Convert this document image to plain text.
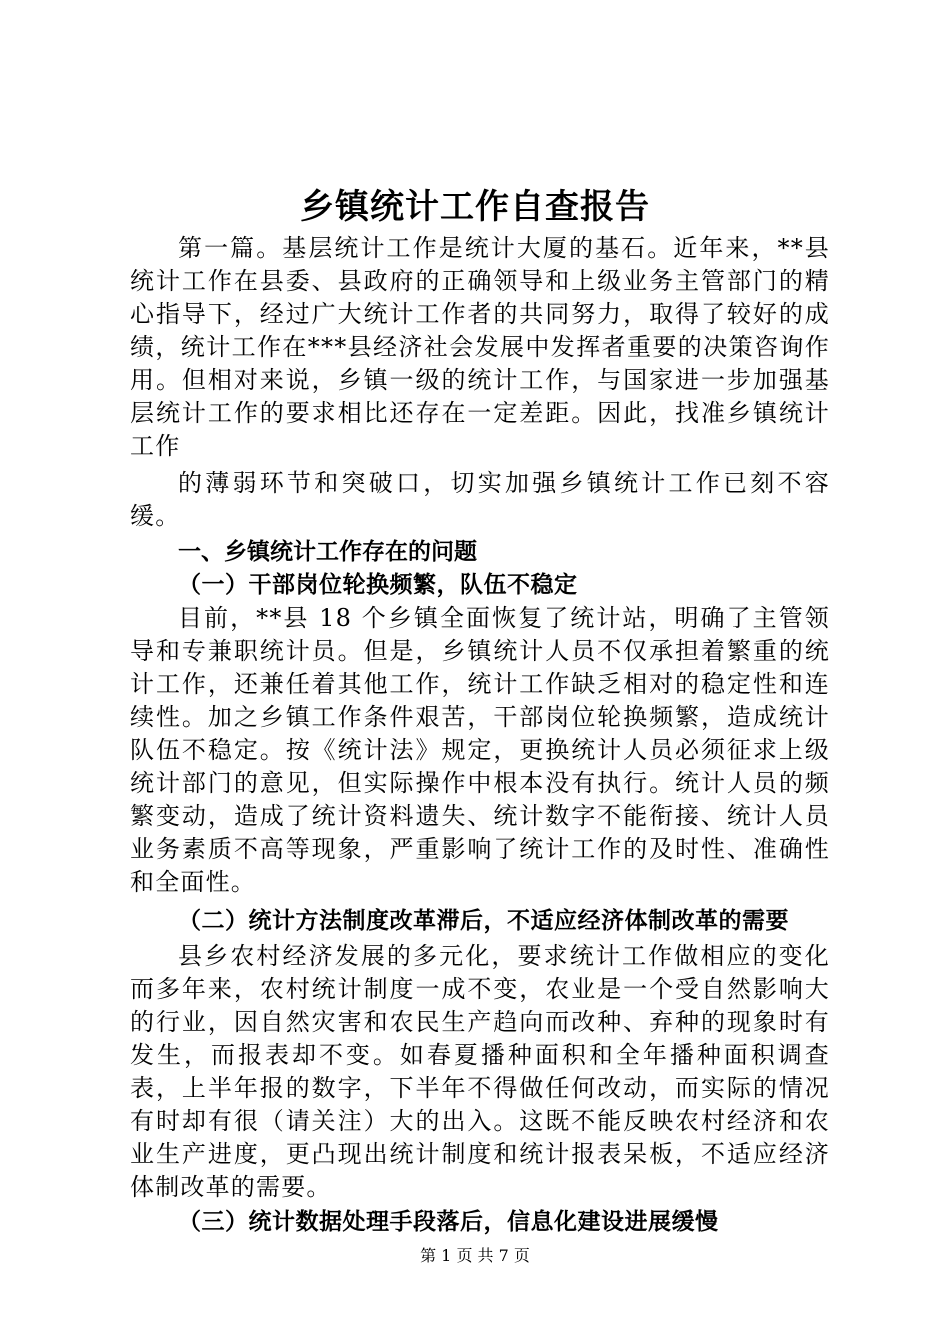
乡镇统计工作自查报告

第一篇。基层统计工作是统计大厦的基石。近年来，**县统计工作在县委、县政府的正确领导和上级业务主管部门的精心指导下，经过广大统计工作者的共同努力，取得了较好的成绩，统计工作在***县经济社会发展中发挥者重要的决策咨询作用。但相对来说，乡镇一级的统计工作，与国家进一步加强基层统计工作的要求相比还存在一定差距。因此，找准乡镇统计工作

的薄弱环节和突破口，切实加强乡镇统计工作已刻不容缓。

一、乡镇统计工作存在的问题

（一）干部岗位轮换频繁，队伍不稳定

目前，**县 18 个乡镇全面恢复了统计站，明确了主管领导和专兼职统计员。但是，乡镇统计人员不仅承担着繁重的统计工作，还兼任着其他工作，统计工作缺乏相对的稳定性和连续性。加之乡镇工作条件艰苦，干部岗位轮换频繁，造成统计队伍不稳定。按《统计法》规定，更换统计人员必须征求上级统计部门的意见，但实际操作中根本没有执行。统计人员的频繁变动，造成了统计资料遗失、统计数字不能衔接、统计人员业务素质不高等现象，严重影响了统计工作的及时性、准确性和全面性。

（二）统计方法制度改革滞后，不适应经济体制改革的需要

县乡农村经济发展的多元化，要求统计工作做相应的变化而多年来，农村统计制度一成不变，农业是一个受自然影响大的行业，因自然灾害和农民生产趋向而改种、弃种的现象时有发生，而报表却不变。如春夏播种面积和全年播种面积调查表，上半年报的数字，下半年不得做任何改动，而实际的情况有时却有很（请关注）大的出入。这既不能反映农村经济和农业生产进度，更凸现出统计制度和统计报表呆板，不适应经济体制改革的需要。

（三）统计数据处理手段落后，信息化建设进展缓慢

第 1 页 共 7 页
